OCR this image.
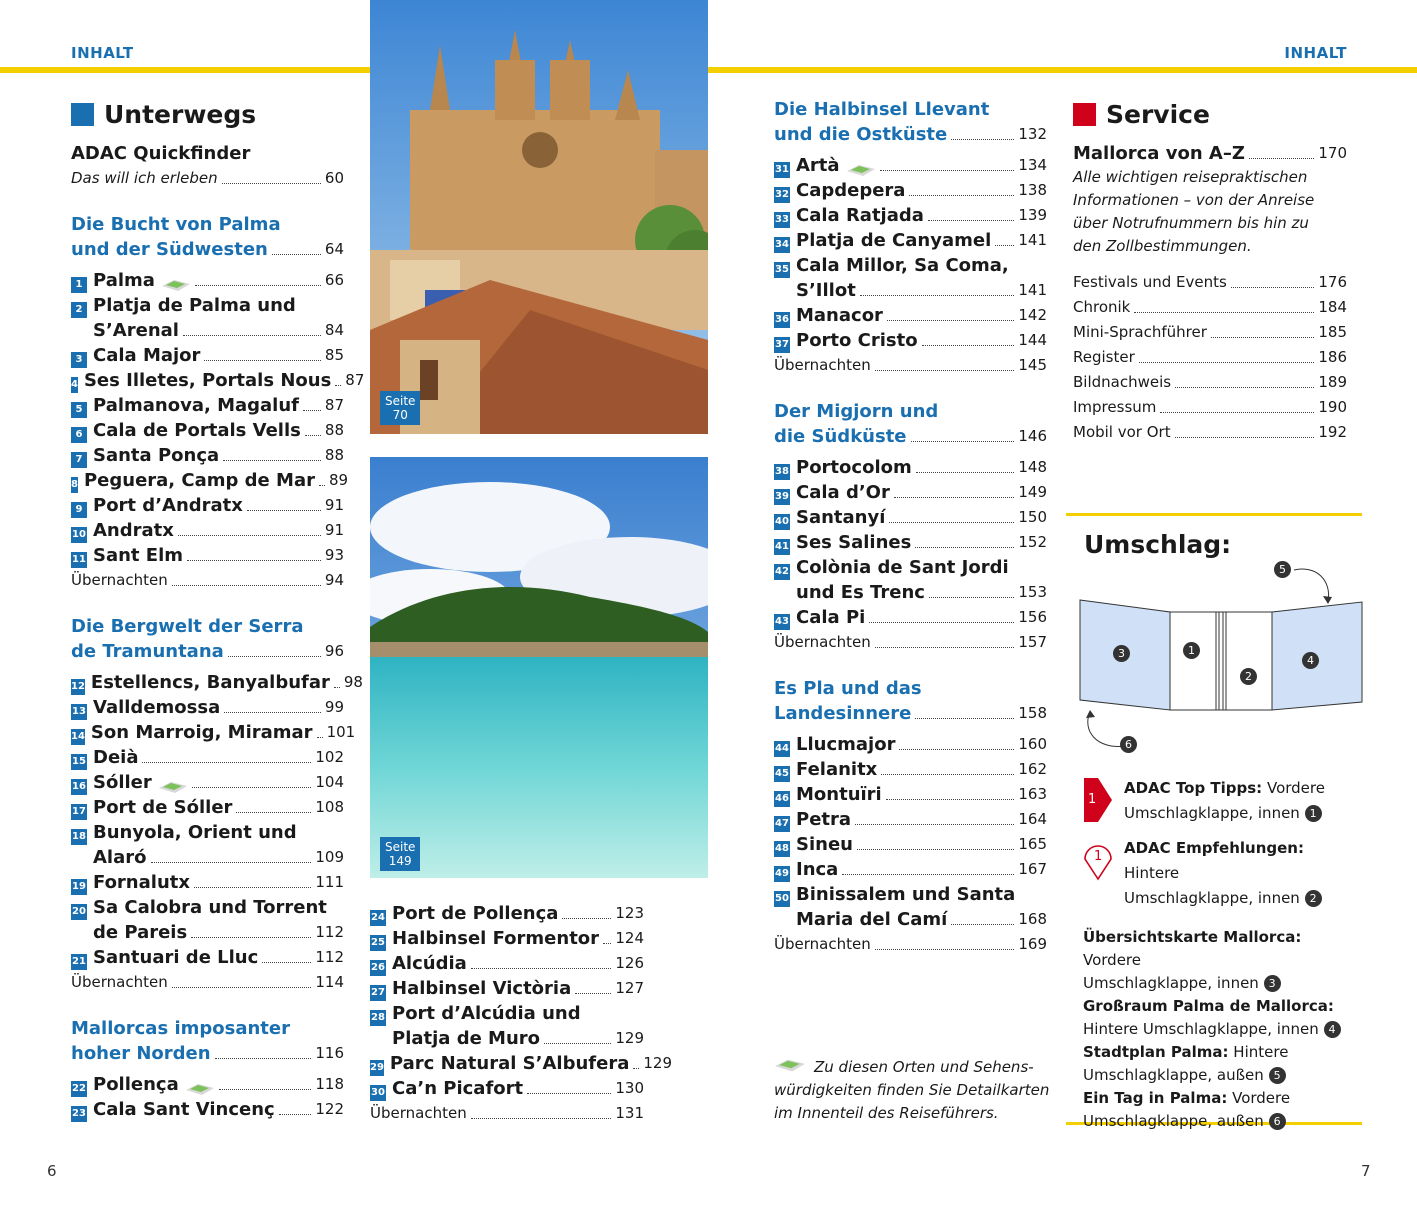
INHALT	INHALT
Unterwegs
ADAC Quickfinder
Das will ich erleben	60
Die Bucht von Palma
und der Südwesten	64
1 Palma	66
2 Platja de Palma und
S’Arenal	84
3 Cala Major	85
4 Ses Illetes, Portals Nous 87
5 Palmanova, Magaluf 87
6 Cala de Portals Vells 88
7 Santa Ponça	88
8 Peguera, Camp de Mar 89
9 Port d’Andratx	91
10 Andratx	91
11 Sant Elm	93
Übernachten	94
Die Bergwelt der Serra
de Tramuntana	96
12 Estellencs, Banyalbufar 98
13 Valldemossa	99
14 Son Marroig, Miramar 101
15 Deià	102
16 Sóller	104
17 Port de Sóller	108
18 Bunyola, Orient und
Alaró	109
19 Fornalutx	111
20 Sa Calobra und Torrent
de Pareis	112
21 Santuari de Lluc	112
Übernachten	114
Mallorcas imposanter
hoher Norden	116
22 Pollença	118
23 Cala Sant Vincenç	122
Seite
70
Seite
149
24 Port de Pollença	123
25 Halbinsel Formentor 124
26 Alcúdia	126
27 Halbinsel Victòria	127
28 Port d’Alcúdia und
Platja de Muro	129
29 Parc Natural S’Albufera 129
30 Ca’n Picafort	130
Übernachten	131
Die Halbinsel Llevant
und die Ostküste	132
31 Artà	134
32 Capdepera	138
33 Cala Ratjada	139
34 Platja de Canyamel 141
35 Cala Millor, Sa Coma,
S’Illot	141
36 Manacor	142
37 Porto Cristo	144
Übernachten	145
Der Migjorn und
die Südküste	146
38 Portocolom	148
39 Cala d’Or	149
40 Santanyí	150
41 Ses Salines	152
42 Colònia de Sant Jordi
und Es Trenc	153
43 Cala Pi	156
Übernachten	157
Es Pla und das
Landesinnere	158
44 Llucmajor	160
45 Felanitx	162
46 Montuïri	163
47 Petra	164
48 Sineu	165
49 Inca	167
50 Binissalem und Santa
Maria del Camí	168
Übernachten	169
Zu diesen Orten und Sehens-
würdigkeiten finden Sie Detailkarten
im Innenteil des Reiseführers.
Service
Mallorca von A–Z	170
Alle wichtigen reisepraktischen
Informationen – von der Anreise
über Notrufnummern bis hin zu
den Zollbestimmungen.
Festivals und Events	176
Chronik	184
Mini-Sprachführer	185
Register	186
Bildnachweis	189
Impressum	190
Mobil vor Ort	192
Umschlag:
5
3	1
2
4
6
1
ADAC Top Tipps: Vordere
Umschlagklappe, innen 1
1 ADAC Empfehlungen: Hintere
Umschlagklappe, innen 2
Übersichtskarte Mallorca: Vordere
Umschlagklappe, innen 3
Großraum Palma de Mallorca:
Hintere Umschlagklappe, innen 4
Stadtplan Palma: Hintere
Umschlagklappe, außen 5
Ein Tag in Palma: Vordere
Umschlagklappe, außen 6
6	7
